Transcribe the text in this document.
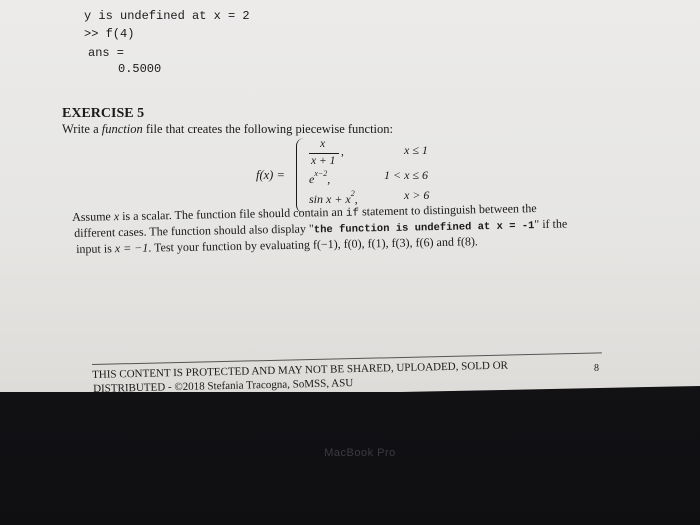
MacBook Pro
y is undefined at x = 2
>> f(4)
ans =
0.5000
EXERCISE 5
Write a function file that creates the following piecewise function:
f(x) =
x
x + 1
,	x ≤ 1
$e^{x-2}$,	1 < x ≤ 6
$\sin x + x^2$,	x > 6
Assume x is a scalar. The function file should contain an if statement to distinguish between the
different cases. The function should also display "the function is undefined at x = -1" if the
input is x = −1. Test your function by evaluating f(−1), f(0), f(1), f(3), f(6) and f(8).
THIS CONTENT IS PROTECTED AND MAY NOT BE SHARED, UPLOADED, SOLD OR
DISTRIBUTED - ©2018 Stefania Tracogna, SoMSS, ASU
8
